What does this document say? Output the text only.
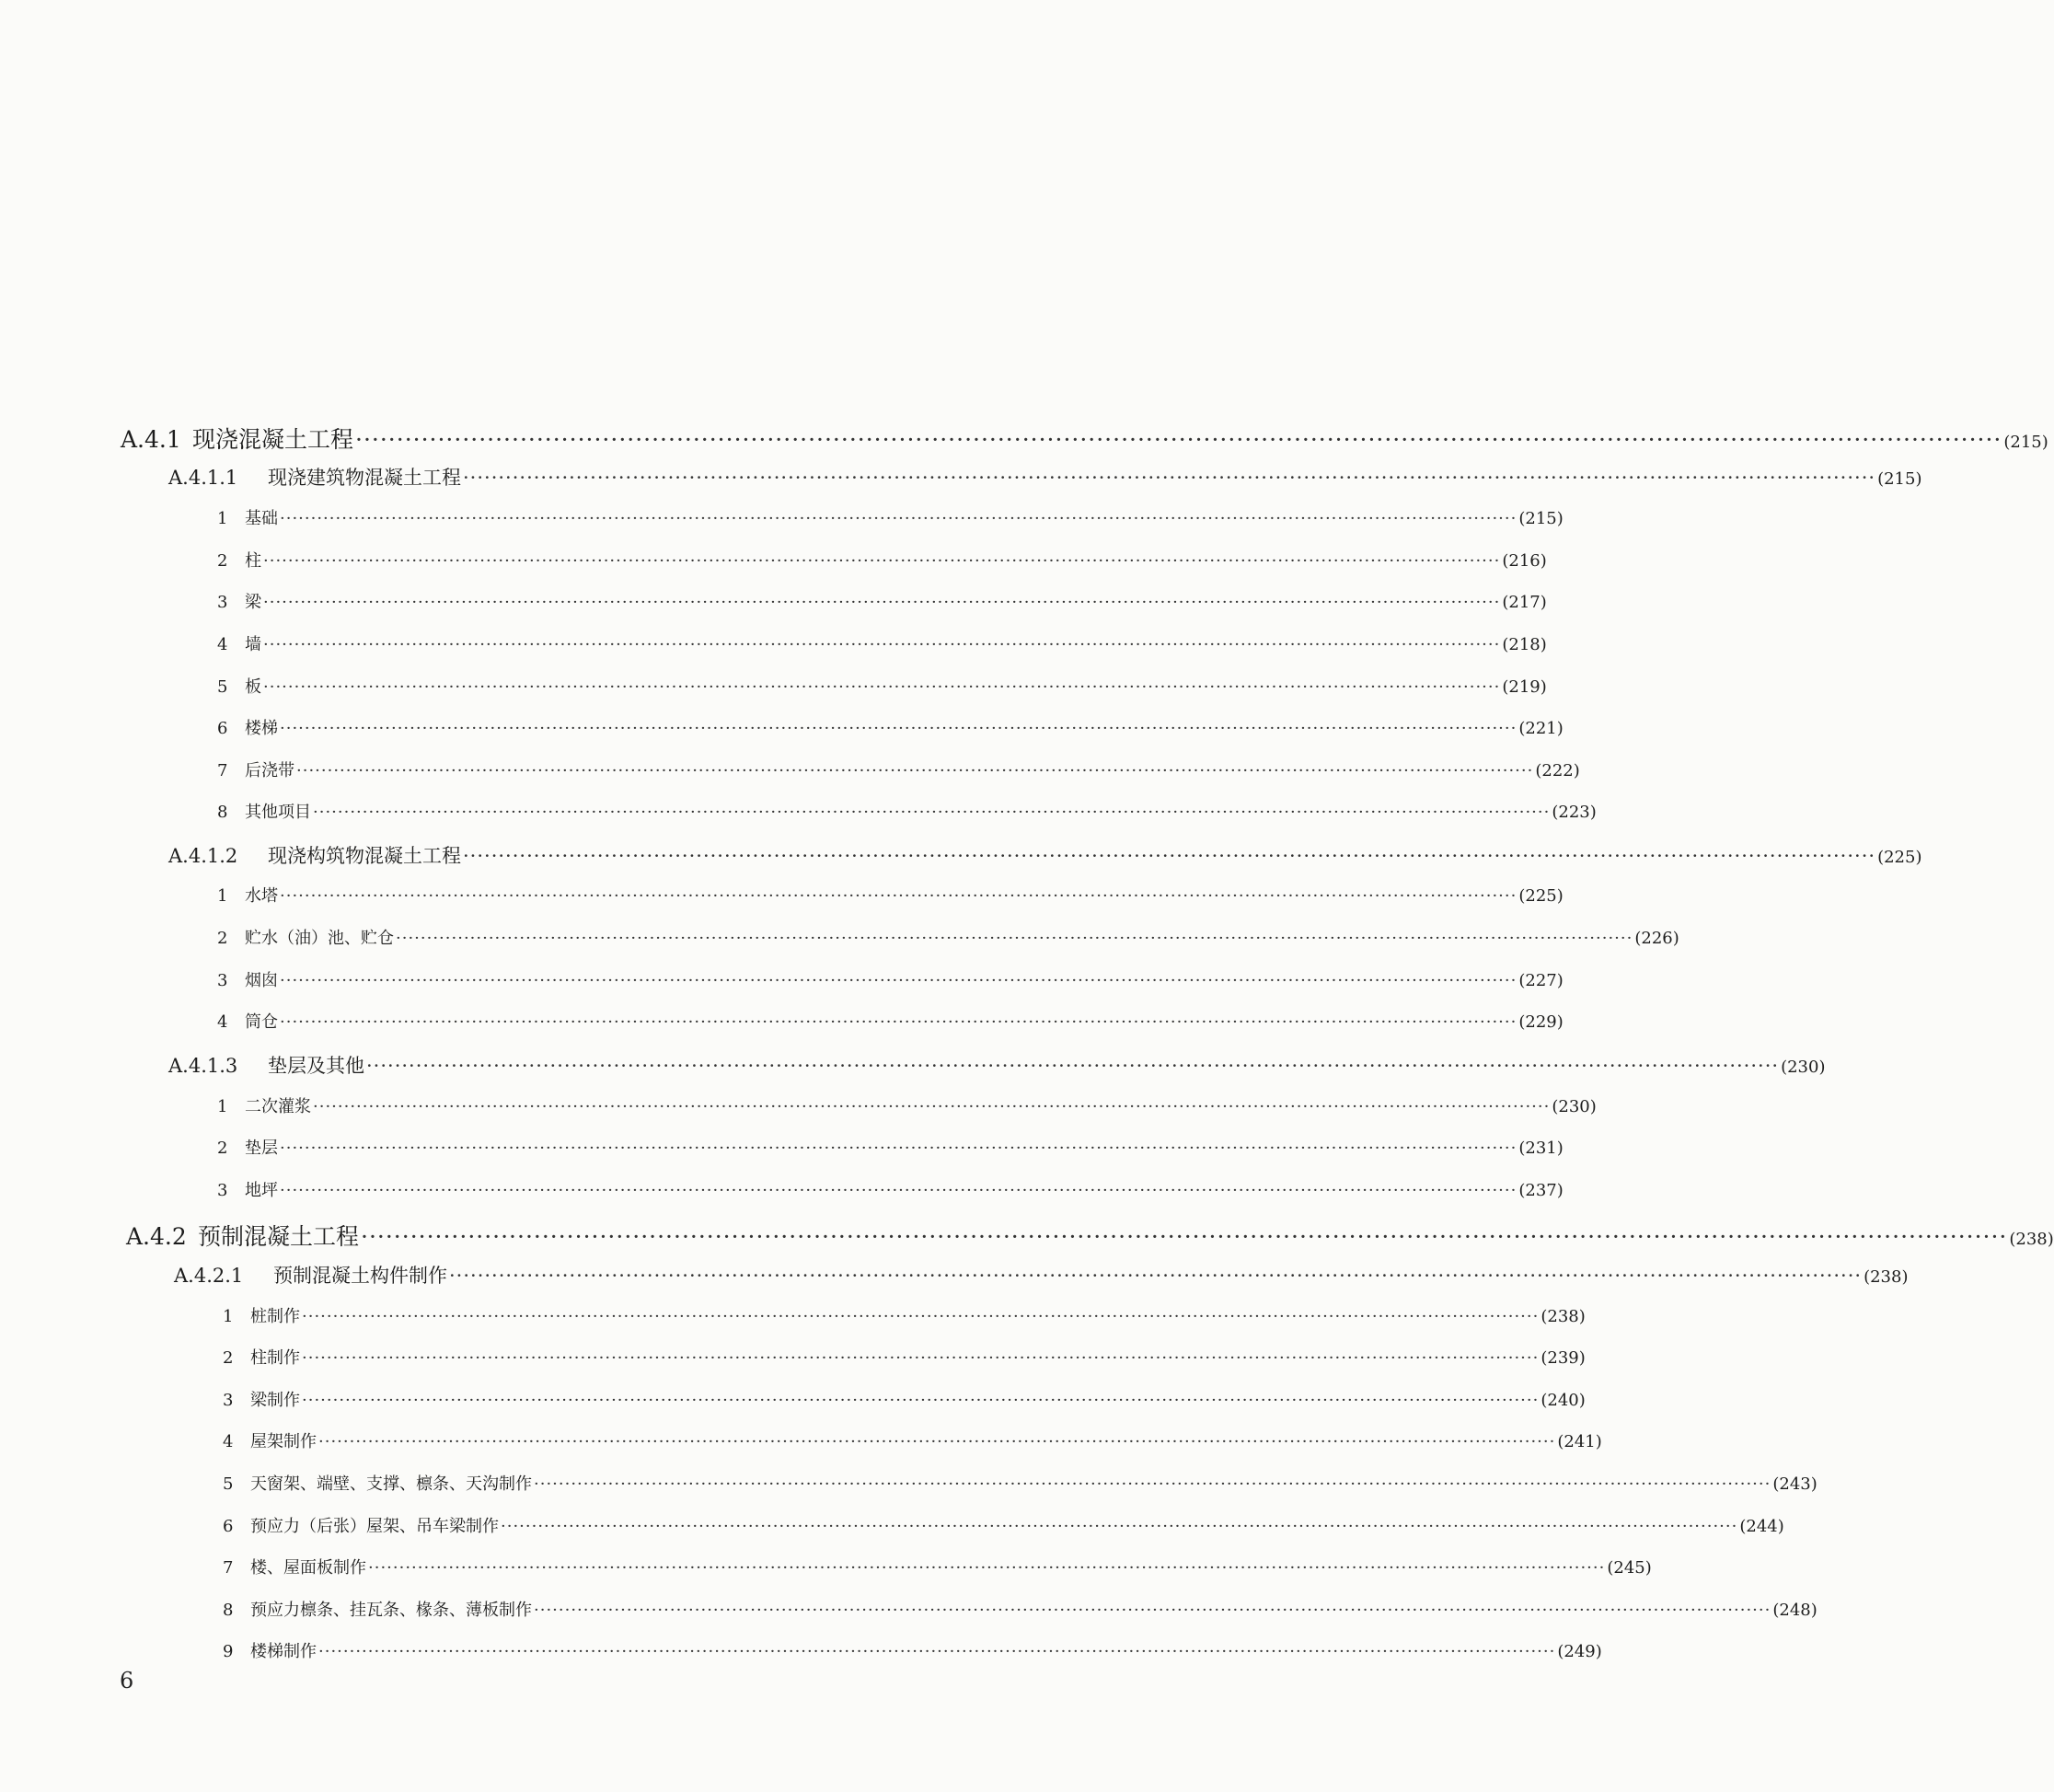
A.4.1 现浇混凝土工程 ········································································································································································································ (215)
A.4.1.1	现浇建筑物混凝土工程 ········································································································································································································ (215)
1	基础 ········································································································································································································ (215)
2	柱 ········································································································································································································ (216)
3	梁 ········································································································································································································ (217)
4	墙 ········································································································································································································ (218)
5	板 ········································································································································································································ (219)
6	楼梯 ········································································································································································································ (221)
7	后浇带 ········································································································································································································ (222)
8	其他项目 ········································································································································································································ (223)
A.4.1.2	现浇构筑物混凝土工程 ········································································································································································································ (225)
1	水塔 ········································································································································································································ (225)
2	贮水（油）池、贮仓 ········································································································································································································ (226)
3	烟囱 ········································································································································································································ (227)
4	筒仓 ········································································································································································································ (229)
A.4.1.3	垫层及其他 ········································································································································································································ (230)
1	二次灌浆 ········································································································································································································ (230)
2	垫层 ········································································································································································································ (231)
3	地坪 ········································································································································································································ (237)
A.4.2 预制混凝土工程 ········································································································································································································ (238)
A.4.2.1	预制混凝土构件制作 ········································································································································································································ (238)
1	桩制作 ········································································································································································································ (238)
2	柱制作 ········································································································································································································ (239)
3	梁制作 ········································································································································································································ (240)
4	屋架制作 ········································································································································································································ (241)
5	天窗架、端壁、支撑、檩条、天沟制作 ········································································································································································································ (243)
6	预应力（后张）屋架、吊车梁制作 ········································································································································································································ (244)
7	楼、屋面板制作 ········································································································································································································ (245)
8	预应力檩条、挂瓦条、椽条、薄板制作 ········································································································································································································ (248)
9	楼梯制作 ········································································································································································································ (249)
6
